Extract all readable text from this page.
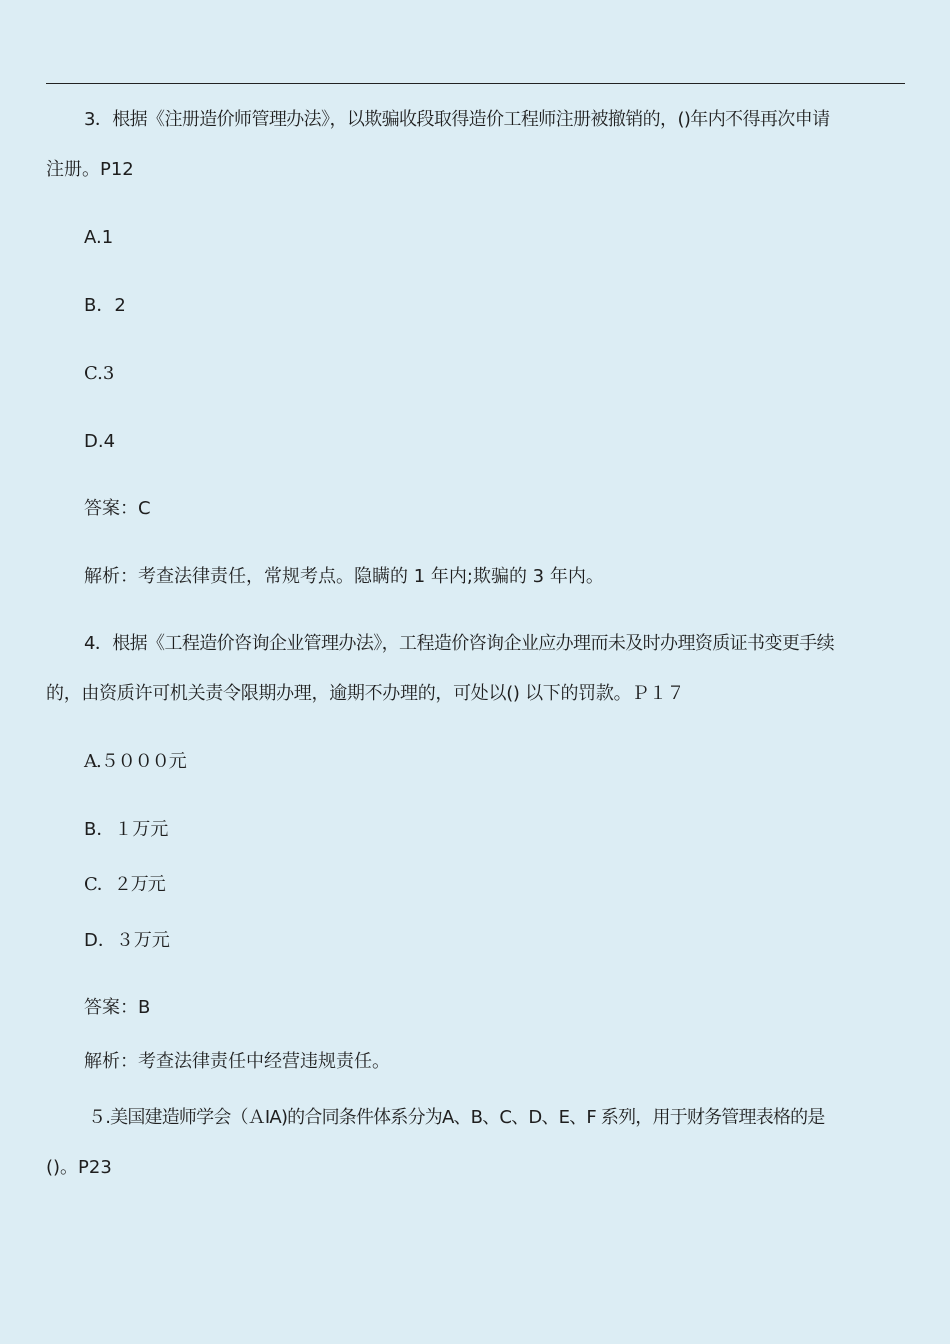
3．根据《注册造价师管理办法》，以欺骗收段取得造价工程师注册被撤销的，()年内不得再次申请
注册。P12
A.1
B．2
C.3
D.4
答案：C
解析：考查法律责任，常规考点。隐瞒的 1 年内;欺骗的 3 年内。
4．根据《工程造价咨询企业管理办法》，工程造价咨询企业应办理而未及时办理资质证书变更手续
的，由资质许可机关责令限期办理，逾期不办理的，可处以() 以下的罚款。Ｐ１７
A.５０００元
B．１万元
C．２万元
D．３万元
答案：B
解析：考查法律责任中经营违规责任。
５.美国建造师学会（ＡIA)的合同条件体系分为A、B、C、D、E、F 系列，用于财务管理表格的是
()。P23
